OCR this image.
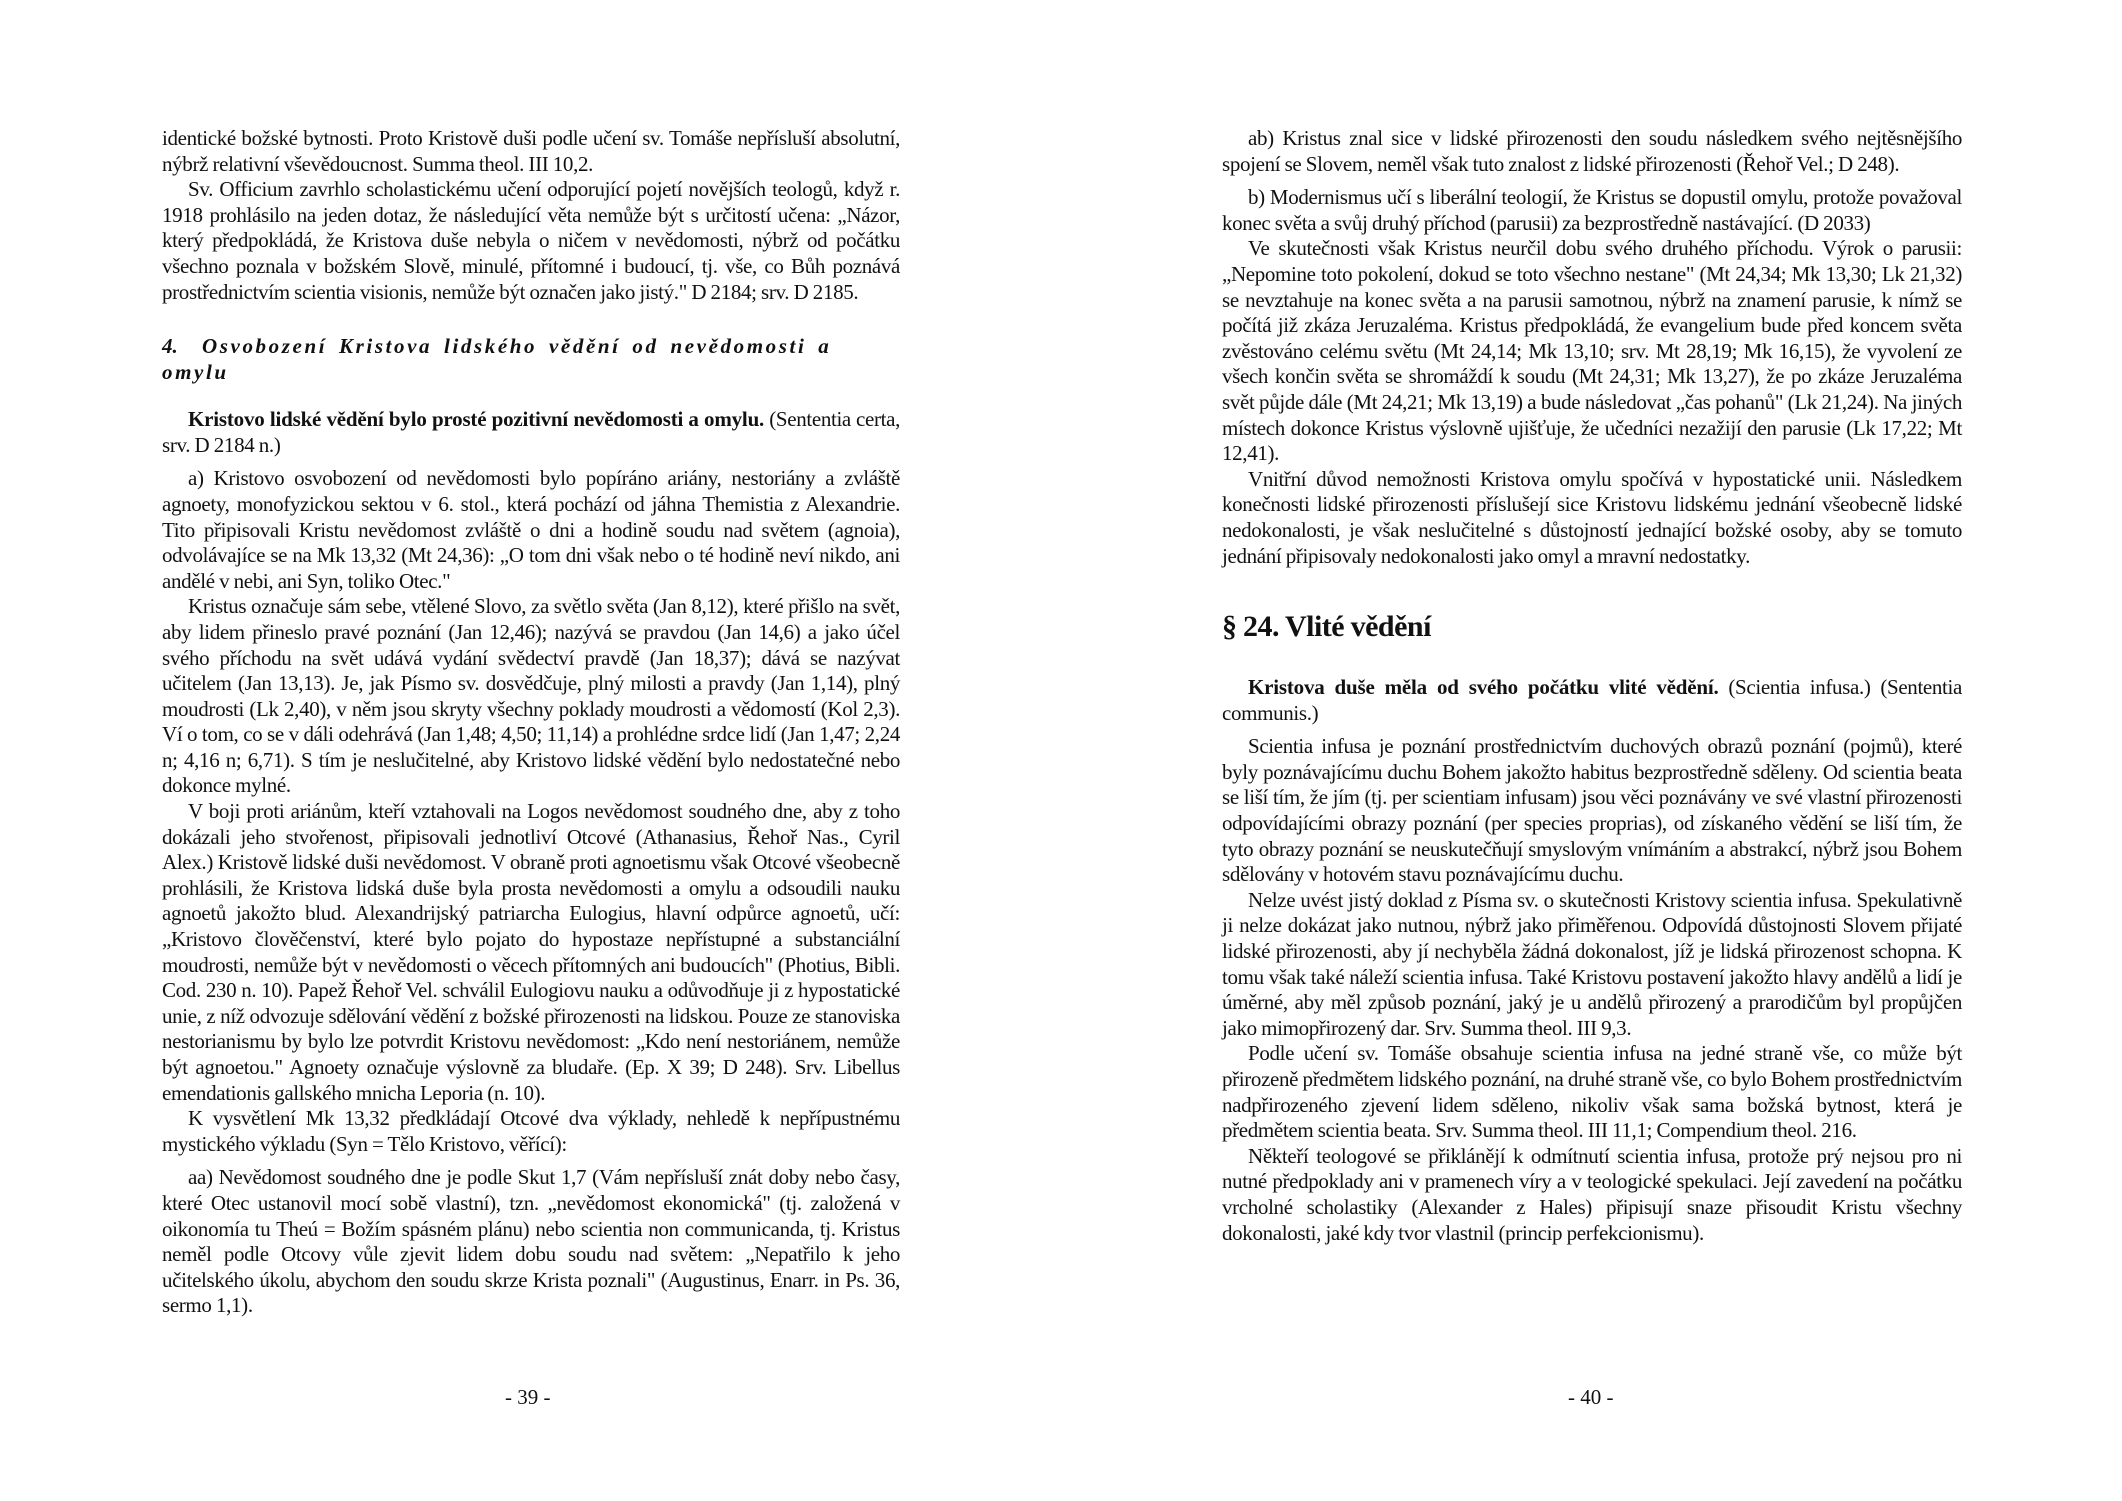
identické božské bytnosti. Proto Kristově duši podle učení sv. Tomáše nepřísluší absolutní, nýbrž relativní vševědoucnost. Summa theol. III 10,2.

Sv. Officium zavrhlo scholastickému učení odporující pojetí novějších teologů, když r. 1918 prohlásilo na jeden dotaz, že následující věta nemůže být s určitostí učena: „Názor, který předpokládá, že Kristova duše nebyla o ničem v nevědomosti, nýbrž od počátku všechno poznala v božském Slově, minulé, přítomné i budoucí, tj. vše, co Bůh poznává prostřednictvím scientia visionis, nemůže být označen jako jistý." D 2184; srv. D 2185.

4. Osvobození Kristova lidského vědění od nevědomosti a omylu

Kristovo lidské vědění bylo prosté pozitivní nevědomosti a omylu. (Sententia certa, srv. D 2184 n.)

a) Kristovo osvobození od nevědomosti bylo popíráno ariány, nestoriány a zvláště agnoety, monofyzickou sektou v 6. stol., která pochází od jáhna Themistia z Alexandrie. Tito připisovali Kristu nevědomost zvláště o dni a hodině soudu nad světem (agnoia), odvolávajíce se na Mk 13,32 (Mt 24,36): „O tom dni však nebo o té hodině neví nikdo, ani andělé v nebi, ani Syn, toliko Otec."

Kristus označuje sám sebe, vtělené Slovo, za světlo světa (Jan 8,12), které přišlo na svět, aby lidem přineslo pravé poznání (Jan 12,46); nazývá se pravdou (Jan 14,6) a jako účel svého příchodu na svět udává vydání svědectví pravdě (Jan 18,37); dává se nazývat učitelem (Jan 13,13). Je, jak Písmo sv. dosvědčuje, plný milosti a pravdy (Jan 1,14), plný moudrosti (Lk 2,40), v něm jsou skryty všechny poklady moudrosti a vědomostí (Kol 2,3). Ví o tom, co se v dáli odehrává (Jan 1,48; 4,50; 11,14) a prohlédne srdce lidí (Jan 1,47; 2,24 n; 4,16 n; 6,71). S tím je neslučitelné, aby Kristovo lidské vědění bylo nedostatečné nebo dokonce mylné.

V boji proti ariánům, kteří vztahovali na Logos nevědomost soudného dne, aby z toho dokázali jeho stvořenost, připisovali jednotliví Otcové (Athanasius, Řehoř Nas., Cyril Alex.) Kristově lidské duši nevědomost. V obraně proti agnoetismu však Otcové všeobecně prohlásili, že Kristova lidská duše byla prosta nevědomosti a omylu a odsoudili nauku agnoetů jakožto blud. Alexandrijský patriarcha Eulogius, hlavní odpůrce agnoetů, učí: „Kristovo člověčenství, které bylo pojato do hypostaze nepřístupné a substanciální moudrosti, nemůže být v nevědomosti o věcech přítomných ani budoucích" (Photius, Bibli. Cod. 230 n. 10). Papež Řehoř Vel. schválil Eulogiovu nauku a odůvodňuje ji z hypostatické unie, z níž odvozuje sdělování vědění z božské přirozenosti na lidskou. Pouze ze stanoviska nestorianismu by bylo lze potvrdit Kristovu nevědomost: „Kdo není nestoriánem, nemůže být agnoetou." Agnoety označuje výslovně za bludaře. (Ep. X 39; D 248). Srv. Libellus emendationis gallského mnicha Leporia (n. 10).

K vysvětlení Mk 13,32 předkládají Otcové dva výklady, nehledě k nepřípustnému mystického výkladu (Syn = Tělo Kristovo, věřící):

aa) Nevědomost soudného dne je podle Skut 1,7 (Vám nepřísluší znát doby nebo časy, které Otec ustanovil mocí sobě vlastní), tzn. „nevědomost ekonomická" (tj. založená v oikonomía tu Theú = Božím spásném plánu) nebo scientia non communicanda, tj. Kristus neměl podle Otcovy vůle zjevit lidem dobu soudu nad světem: „Nepatřilo k jeho učitelského úkolu, abychom den soudu skrze Krista poznali" (Augustinus, Enarr. in Ps. 36, sermo 1,1).

- 39 -

ab) Kristus znal sice v lidské přirozenosti den soudu následkem svého nejtěsnějšího spojení se Slovem, neměl však tuto znalost z lidské přirozenosti (Řehoř Vel.; D 248).

b) Modernismus učí s liberální teologií, že Kristus se dopustil omylu, protože považoval konec světa a svůj druhý příchod (parusii) za bezprostředně nastávající. (D 2033)

Ve skutečnosti však Kristus neurčil dobu svého druhého příchodu. Výrok o parusii: „Nepomine toto pokolení, dokud se toto všechno nestane" (Mt 24,34; Mk 13,30; Lk 21,32) se nevztahuje na konec světa a na parusii samotnou, nýbrž na znamení parusie, k nímž se počítá již zkáza Jeruzaléma. Kristus předpokládá, že evangelium bude před koncem světa zvěstováno celému světu (Mt 24,14; Mk 13,10; srv. Mt 28,19; Mk 16,15), že vyvolení ze všech končin světa se shromáždí k soudu (Mt 24,31; Mk 13,27), že po zkáze Jeruzaléma svět půjde dále (Mt 24,21; Mk 13,19) a bude následovat „čas pohanů" (Lk 21,24). Na jiných místech dokonce Kristus výslovně ujišťuje, že učedníci nezažijí den parusie (Lk 17,22; Mt 12,41).

Vnitřní důvod nemožnosti Kristova omylu spočívá v hypostatické unii. Následkem konečnosti lidské přirozenosti příslušejí sice Kristovu lidskému jednání všeobecně lidské nedokonalosti, je však neslučitelné s důstojností jednající božské osoby, aby se tomuto jednání připisovaly nedokonalosti jako omyl a mravní nedostatky.

§ 24. Vlité vědění

Kristova duše měla od svého počátku vlité vědění. (Scientia infusa.) (Sententia communis.)

Scientia infusa je poznání prostřednictvím duchových obrazů poznání (pojmů), které byly poznávajícímu duchu Bohem jakožto habitus bezprostředně sděleny. Od scientia beata se liší tím, že jím (tj. per scientiam infusam) jsou věci poznávány ve své vlastní přirozenosti odpovídajícími obrazy poznání (per species proprias), od získaného vědění se liší tím, že tyto obrazy poznání se neuskutečňují smyslovým vnímáním a abstrakcí, nýbrž jsou Bohem sdělovány v hotovém stavu poznávajícímu duchu.

Nelze uvést jistý doklad z Písma sv. o skutečnosti Kristovy scientia infusa. Spekulativně ji nelze dokázat jako nutnou, nýbrž jako přiměřenou. Odpovídá důstojnosti Slovem přijaté lidské přirozenosti, aby jí nechyběla žádná dokonalost, jíž je lidská přirozenost schopna. K tomu však také náleží scientia infusa. Také Kristovu postavení jakožto hlavy andělů a lidí je úměrné, aby měl způsob poznání, jaký je u andělů přirozený a prarodičům byl propůjčen jako mimopřirozený dar. Srv. Summa theol. III 9,3.

Podle učení sv. Tomáše obsahuje scientia infusa na jedné straně vše, co může být přirozeně předmětem lidského poznání, na druhé straně vše, co bylo Bohem prostřednictvím nadpřirozeného zjevení lidem sděleno, nikoliv však sama božská bytnost, která je předmětem scientia beata. Srv. Summa theol. III 11,1; Compendium theol. 216.

Někteří teologové se přiklánějí k odmítnutí scientia infusa, protože prý nejsou pro ni nutné předpoklady ani v pramenech víry a v teologické spekulaci. Její zavedení na počátku vrcholné scholastiky (Alexander z Hales) připisují snaze přisoudit Kristu všechny dokonalosti, jaké kdy tvor vlastnil (princip perfekcionismu).

- 40 -
